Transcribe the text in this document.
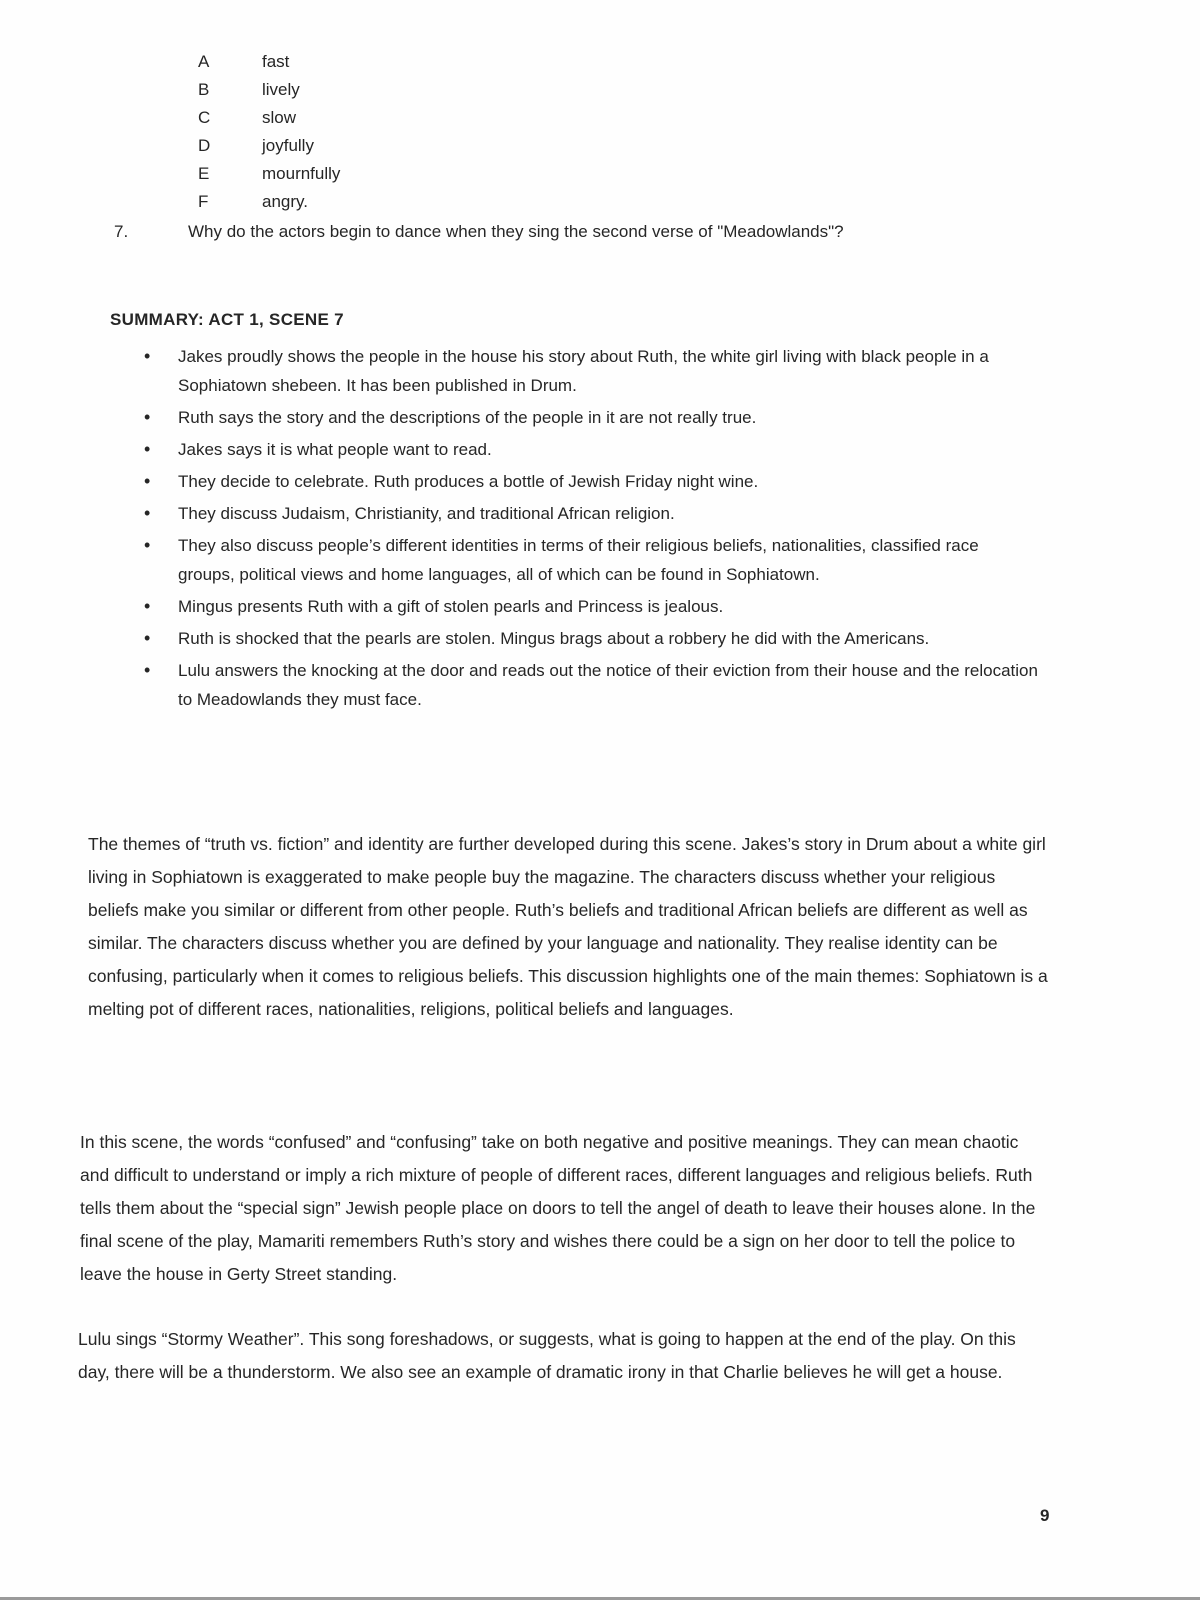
A	fast
B	lively
C	slow
D	joyfully
E	mournfully
F	angry.
7.	Why do the actors begin to dance when they sing the second verse of "Meadowlands"?
SUMMARY: ACT 1, SCENE 7
• Jakes proudly shows the people in the house his story about Ruth, the white girl living with black people in a Sophiatown shebeen. It has been published in Drum.
• Ruth says the story and the descriptions of the people in it are not really true.
• Jakes says it is what people want to read.
• They decide to celebrate. Ruth produces a bottle of Jewish Friday night wine.
• They discuss Judaism, Christianity, and traditional African religion.
• They also discuss people’s different identities in terms of their religious beliefs, nationalities, classified race groups, political views and home languages, all of which can be found in Sophiatown.
• Mingus presents Ruth with a gift of stolen pearls and Princess is jealous.
• Ruth is shocked that the pearls are stolen. Mingus brags about a robbery he did with the Americans.
• Lulu answers the knocking at the door and reads out the notice of their eviction from their house and the relocation to Meadowlands they must face.

The themes of “truth vs. fiction” and identity are further developed during this scene. Jakes’s story in Drum about a white girl living in Sophiatown is exaggerated to make people buy the magazine. The characters discuss whether your religious beliefs make you similar or different from other people. Ruth’s beliefs and traditional African beliefs are different as well as similar. The characters discuss whether you are defined by your language and nationality. They realise identity can be confusing, particularly when it comes to religious beliefs. This discussion highlights one of the main themes: Sophiatown is a melting pot of different races, nationalities, religions, political beliefs and languages.

In this scene, the words “confused” and “confusing” take on both negative and positive meanings. They can mean chaotic and difficult to understand or imply a rich mixture of people of different races, different languages and religious beliefs. Ruth tells them about the “special sign” Jewish people place on doors to tell the angel of death to leave their houses alone. In the final scene of the play, Mamariti remembers Ruth’s story and wishes there could be a sign on her door to tell the police to leave the house in Gerty Street standing.

Lulu sings “Stormy Weather”. This song foreshadows, or suggests, what is going to happen at the end of the play. On this day, there will be a thunderstorm. We also see an example of dramatic irony in that Charlie believes he will get a house.

9
